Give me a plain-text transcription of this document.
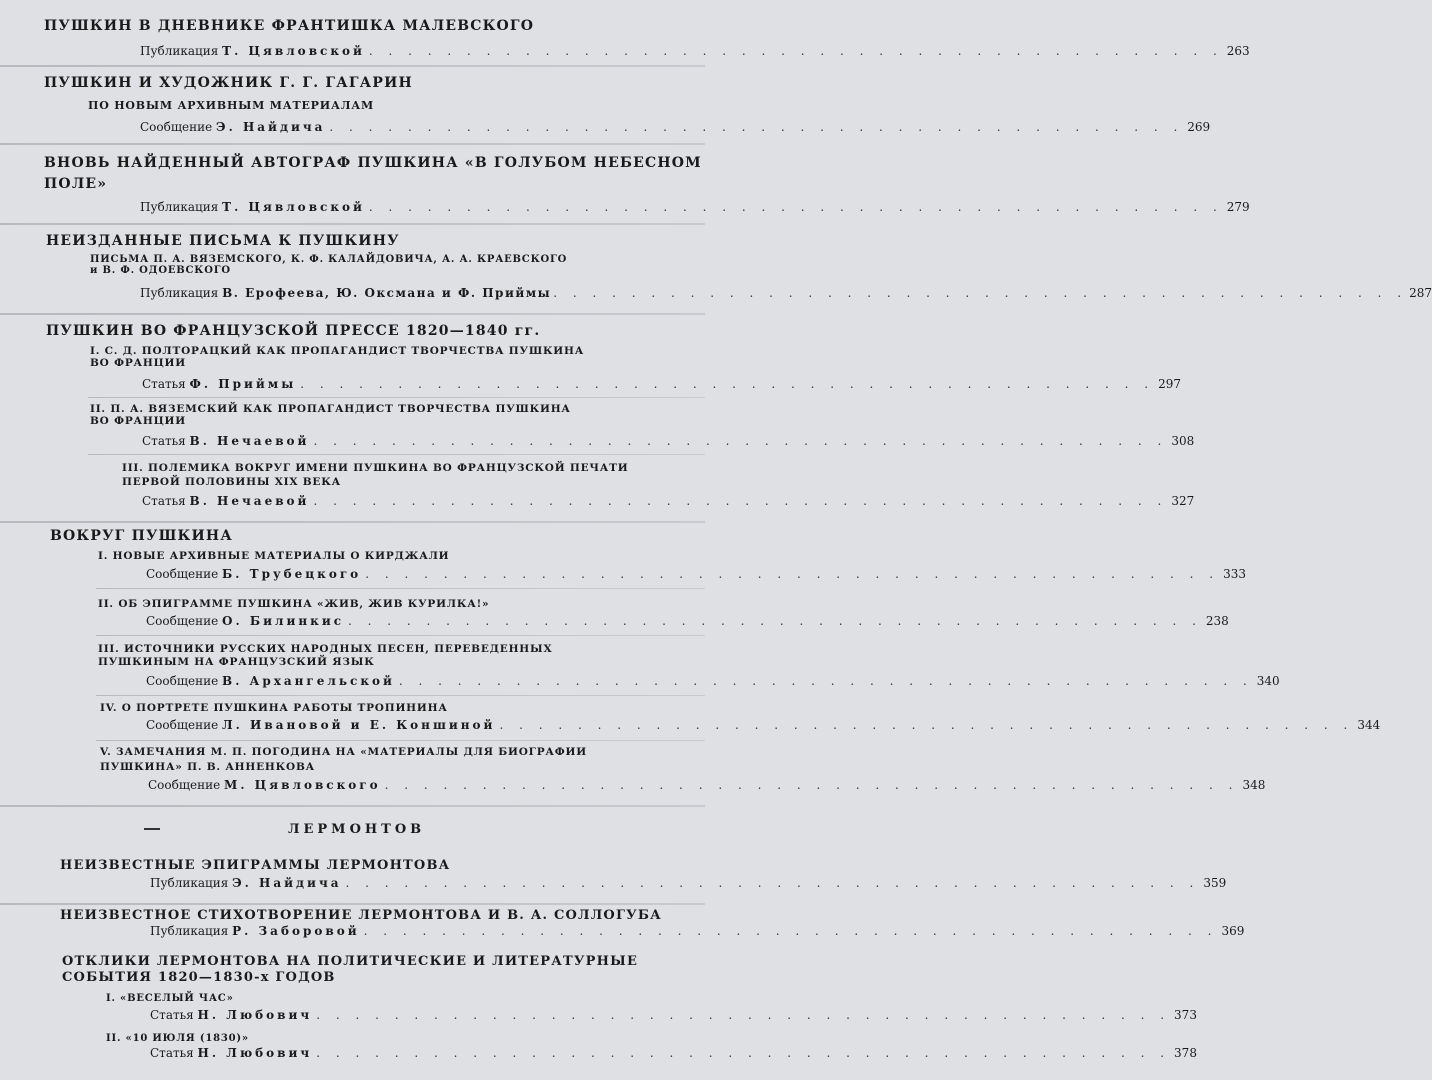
ПУШКИН В ДНЕВНИКЕ ФРАНТИШКА МАЛЕВСКОГО
Публикация
Т. Цявловской . . . . . . . . . . . . . . . . . . . . . . . . . . . . . . . . . . . . . . . . . . . . 263
ПУШКИН И ХУДОЖНИК Г. Г. ГАГАРИН
ПО НОВЫМ АРХИВНЫМ МАТЕРИАЛАМ
Сообщение
Э. Найдича . . . . . . . . . . . . . . . . . . . . . . . . . . . . . . . . . . . . . . . . . . . . 269
ВНОВЬ НАЙДЕННЫЙ АВТОГРАФ ПУШКИНА «В ГОЛУБОМ НЕБЕСНОМ
ПОЛЕ»
Публикация
Т. Цявловской . . . . . . . . . . . . . . . . . . . . . . . . . . . . . . . . . . . . . . . . . . . . 279
НЕИЗДАННЫЕ ПИСЬМА К ПУШКИНУ
ПИСЬМА П. А. ВЯЗЕМСКОГО, К. Ф. КАЛАЙДОВИЧА, А. А. КРАЕВСКОГО
и В. Ф. ОДОЕВСКОГО
Публикация
В. Ерофеева, Ю. Оксмана и Ф. Приймы . . . . . . . . . . . . . . . . . . . . . . . . . . . . . . . . . . . . . . . . . . . . 287
ПУШКИН ВО ФРАНЦУЗСКОЙ ПРЕССЕ 1820—1840 гг.
I. С. Д. ПОЛТОРАЦКИЙ КАК ПРОПАГАНДИСТ ТВОРЧЕСТВА ПУШКИНА
ВО ФРАНЦИИ
Статья
Ф. Приймы . . . . . . . . . . . . . . . . . . . . . . . . . . . . . . . . . . . . . . . . . . . . 297
II. П. А. ВЯЗЕМСКИЙ КАК ПРОПАГАНДИСТ ТВОРЧЕСТВА ПУШКИНА
ВО ФРАНЦИИ
Статья
В. Нечаевой . . . . . . . . . . . . . . . . . . . . . . . . . . . . . . . . . . . . . . . . . . . . 308
III. ПОЛЕМИКА ВОКРУГ ИМЕНИ ПУШКИНА ВО ФРАНЦУЗСКОЙ ПЕЧАТИ
ПЕРВОЙ ПОЛОВИНЫ XIX ВЕКА
Статья
В. Нечаевой . . . . . . . . . . . . . . . . . . . . . . . . . . . . . . . . . . . . . . . . . . . . 327
ВОКРУГ ПУШКИНА
I. НОВЫЕ АРХИВНЫЕ МАТЕРИАЛЫ О КИРДЖАЛИ
Сообщение
Б. Трубецкого . . . . . . . . . . . . . . . . . . . . . . . . . . . . . . . . . . . . . . . . . . . . 333
II. ОБ ЭПИГРАММЕ ПУШКИНА «ЖИВ, ЖИВ КУРИЛКА!»
Сообщение
О. Билинкис . . . . . . . . . . . . . . . . . . . . . . . . . . . . . . . . . . . . . . . . . . . . 238
III. ИСТОЧНИКИ РУССКИХ НАРОДНЫХ ПЕСЕН, ПЕРЕВЕДЕННЫХ
ПУШКИНЫМ НА ФРАНЦУЗСКИЙ ЯЗЫК
Сообщение
В. Архангельской . . . . . . . . . . . . . . . . . . . . . . . . . . . . . . . . . . . . . . . . . . . . 340
IV. О ПОРТРЕТЕ ПУШКИНА РАБОТЫ ТРОПИНИНА
Сообщение
Л. Ивановой и Е. Коншиной . . . . . . . . . . . . . . . . . . . . . . . . . . . . . . . . . . . . . . . . . . . . 344
V. ЗАМЕЧАНИЯ М. П. ПОГОДИНА НА «МАТЕРИАЛЫ ДЛЯ БИОГРАФИИ
ПУШКИНА» П. В. АННЕНКОВА
Сообщение
М. Цявловского . . . . . . . . . . . . . . . . . . . . . . . . . . . . . . . . . . . . . . . . . . . . 348
ЛЕРМОНТОВ
НЕИЗВЕСТНЫЕ ЭПИГРАММЫ ЛЕРМОНТОВА
Публикация
Э. Найдича . . . . . . . . . . . . . . . . . . . . . . . . . . . . . . . . . . . . . . . . . . . . 359
НЕИЗВЕСТНОЕ СТИХОТВОРЕНИЕ ЛЕРМОНТОВА И В. А. СОЛЛОГУБА
Публикация
Р. Заборовой . . . . . . . . . . . . . . . . . . . . . . . . . . . . . . . . . . . . . . . . . . . . 369
ОТКЛИКИ ЛЕРМОНТОВА НА ПОЛИТИЧЕСКИЕ И ЛИТЕРАТУРНЫЕ
СОБЫТИЯ 1820—1830-х ГОДОВ
I. «ВЕСЕЛЫЙ ЧАС»
Статья
Н. Любович . . . . . . . . . . . . . . . . . . . . . . . . . . . . . . . . . . . . . . . . . . . . 373
II. «10 ИЮЛЯ (1830)»
Статья
Н. Любович . . . . . . . . . . . . . . . . . . . . . . . . . . . . . . . . . . . . . . . . . . . . 378
